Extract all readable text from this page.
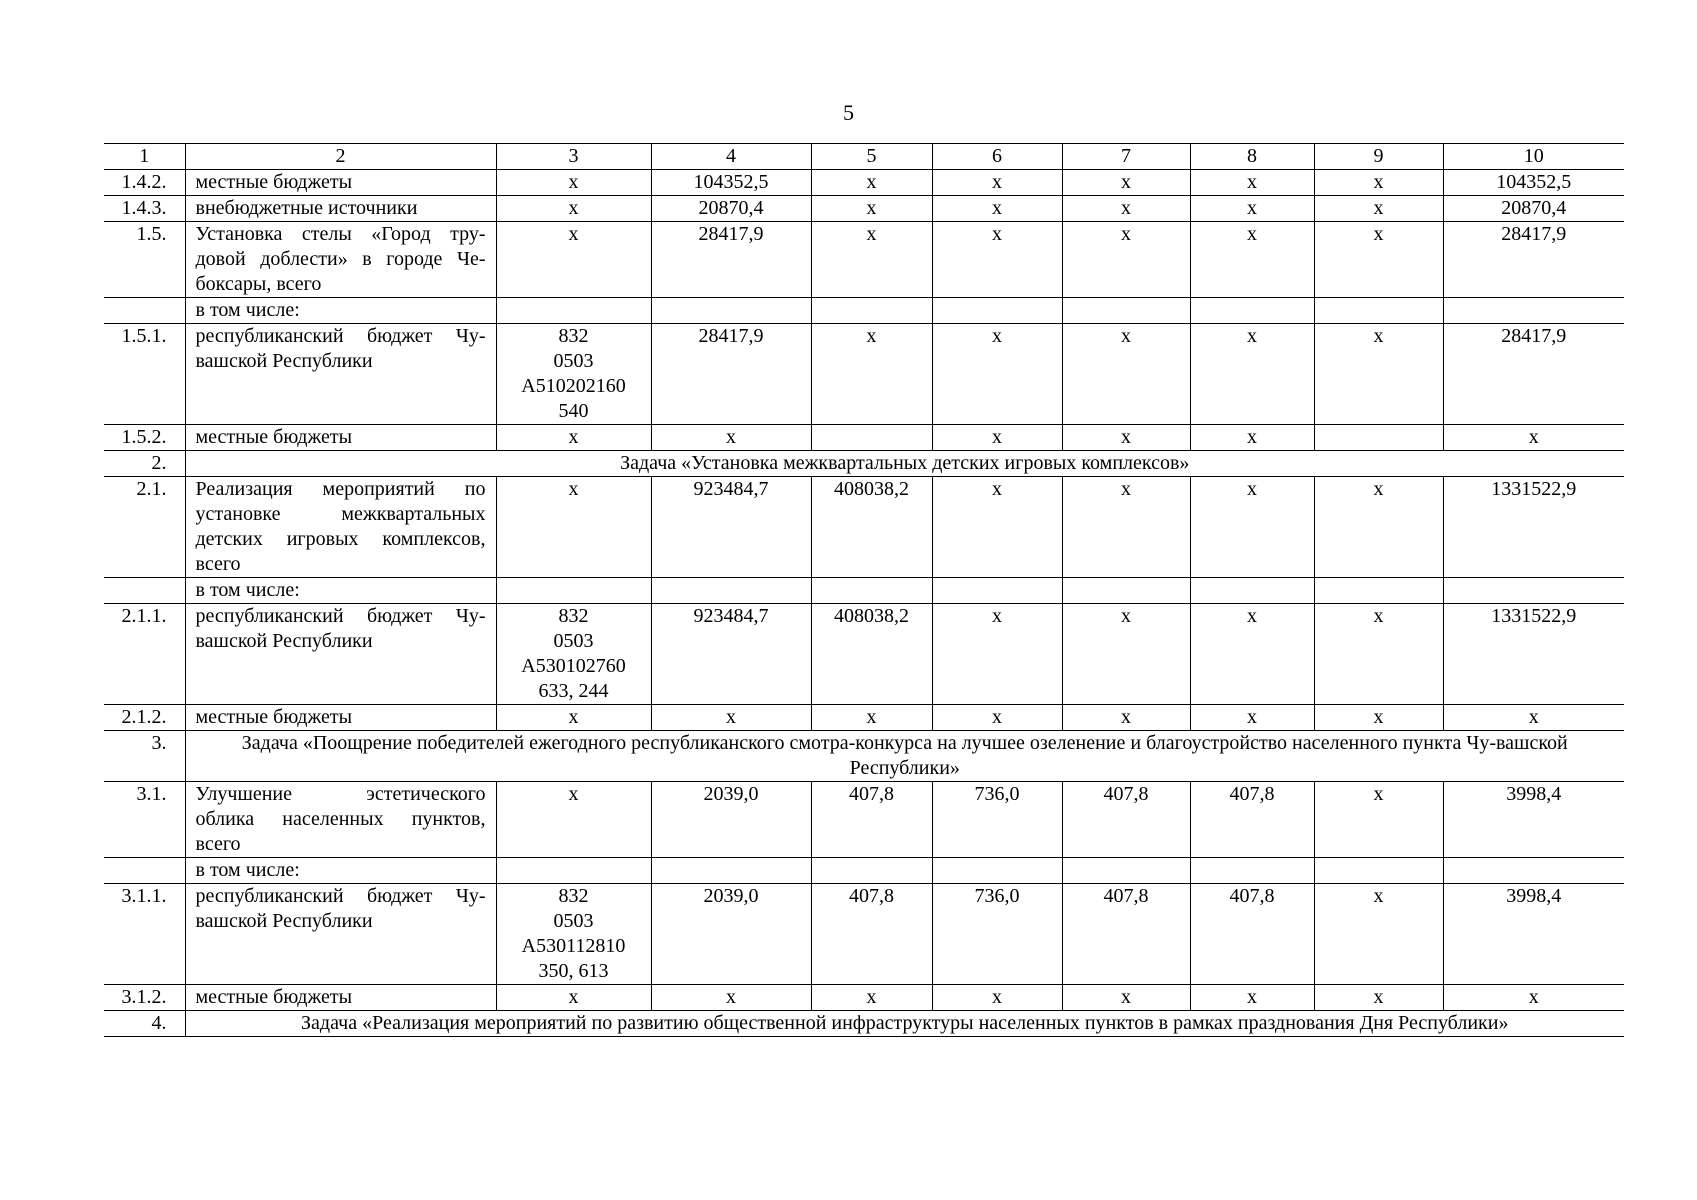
5
1	2	3	4	5	6	7	8	9	10
1.4.2.	местные бюджеты	х	104352,5	х	х	х	х	х	104352,5
1.4.3.	внебюджетные источники	х	20870,4	х	х	х	х	х	20870,4
1.5.	Установка стелы «Город тру-
довой доблести» в городе Че-
боксары, всего	х	28417,9	х	х	х	х	х	28417,9

	в том числе:								

1.5.1.	республиканский бюджет Чу-
вашской Республики	832
0503
А510202160
540	28417,9	х	х	х	х	х	28417,9
1.5.2.	местные бюджеты	х	х		х	х	х		х
2.	Задача «Установка межквартальных детских игровых комплексов»								
2.1.	Реализация мероприятий по
установке межквартальных
детских игровых комплексов,
всего	х	923484,7	408038,2	х	х	х	х	1331522,9

	в том числе:								

2.1.1.	республиканский бюджет Чу-
вашской Республики	832
0503
А530102760
633, 244	923484,7	408038,2	х	х	х	х	1331522,9
2.1.2.	местные бюджеты	х	х	х	х	х	х	х	х
3.	Задача «Поощрение победителей ежегодного республиканского смотра-конкурса на лучшее озеленение и благоустройство населенного пункта Чу-вашской Республики»								
3.1.	Улучшение эстетического
облика населенных пунктов,
всего	х	2039,0	407,8	736,0	407,8	407,8	х	3998,4

	в том числе:								

3.1.1.	республиканский бюджет Чу-
вашской Республики	832
0503
А530112810
350, 613	2039,0	407,8	736,0	407,8	407,8	х	3998,4
3.1.2.	местные бюджеты	х	х	х	х	х	х	х	х
4.	Задача «Реализация мероприятий по развитию общественной инфраструктуры населенных пунктов в рамках празднования Дня Республики»								
